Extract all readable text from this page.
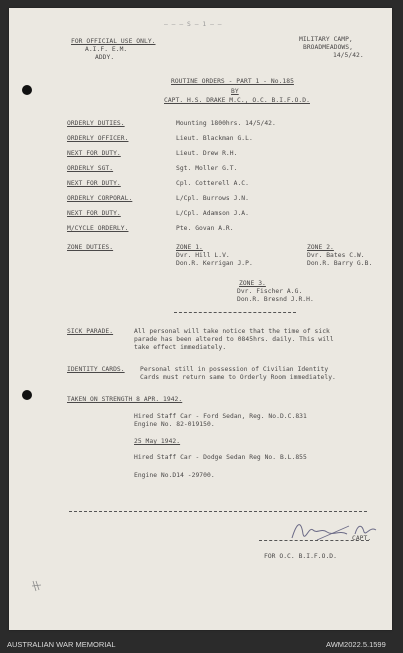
— — — S — 1 — —
FOR OFFICIAL USE ONLY.
A.I.F. E.M.
ADDY.
MILITARY CAMP,
BROADMEADOWS,
14/5/42.
ROUTINE ORDERS - PART 1 - No.185
BY
CAPT. H.S. DRAKE M.C., O.C. B.I.F.O.D.
ORDERLY DUTIES.	Mounting 1800hrs. 14/5/42.
ORDERLY OFFICER.	Lieut. Blackman G.L.
NEXT FOR DUTY.	Lieut. Drew R.H.
ORDERLY SGT.	Sgt. Moller G.T.
NEXT FOR DUTY.	Cpl. Cotterell A.C.
ORDERLY CORPORAL.	L/Cpl. Burrows J.N.
NEXT FOR DUTY.	L/Cpl. Adamson J.A.
M/CYCLE ORDERLY.	Pte. Govan A.R.
ZONE DUTIES.	ZONE 1.
Dvr. Hill L.V.
Don.R. Kerrigan J.P.
ZONE 2.
Dvr. Bates C.W.
Don.R. Barry G.B.
ZONE 3.
Dvr. Fischer A.G.
Don.R. Bresnd J.R.H.
SICK PARADE.	All personal will take notice that the time of sick
parade has been altered to 0845hrs. daily. This will
take effect immediately.
IDENTITY CARDS. Personal still in possession of Civilian Identity
Cards must return same to Orderly Room immediately.
TAKEN ON STRENGTH 8 APR. 1942.
Hired Staff Car - Ford Sedan, Reg. No.D.C.831
Engine No. 82-019150.
25 May 1942.
Hired Staff Car - Dodge Sedan Reg No. B.L.855
Engine No.D14 -29700.
CAPT.
FOR O.C. B.I.F.O.D.
AUSTRALIAN WAR MEMORIAL	AWM2022.5.1599
